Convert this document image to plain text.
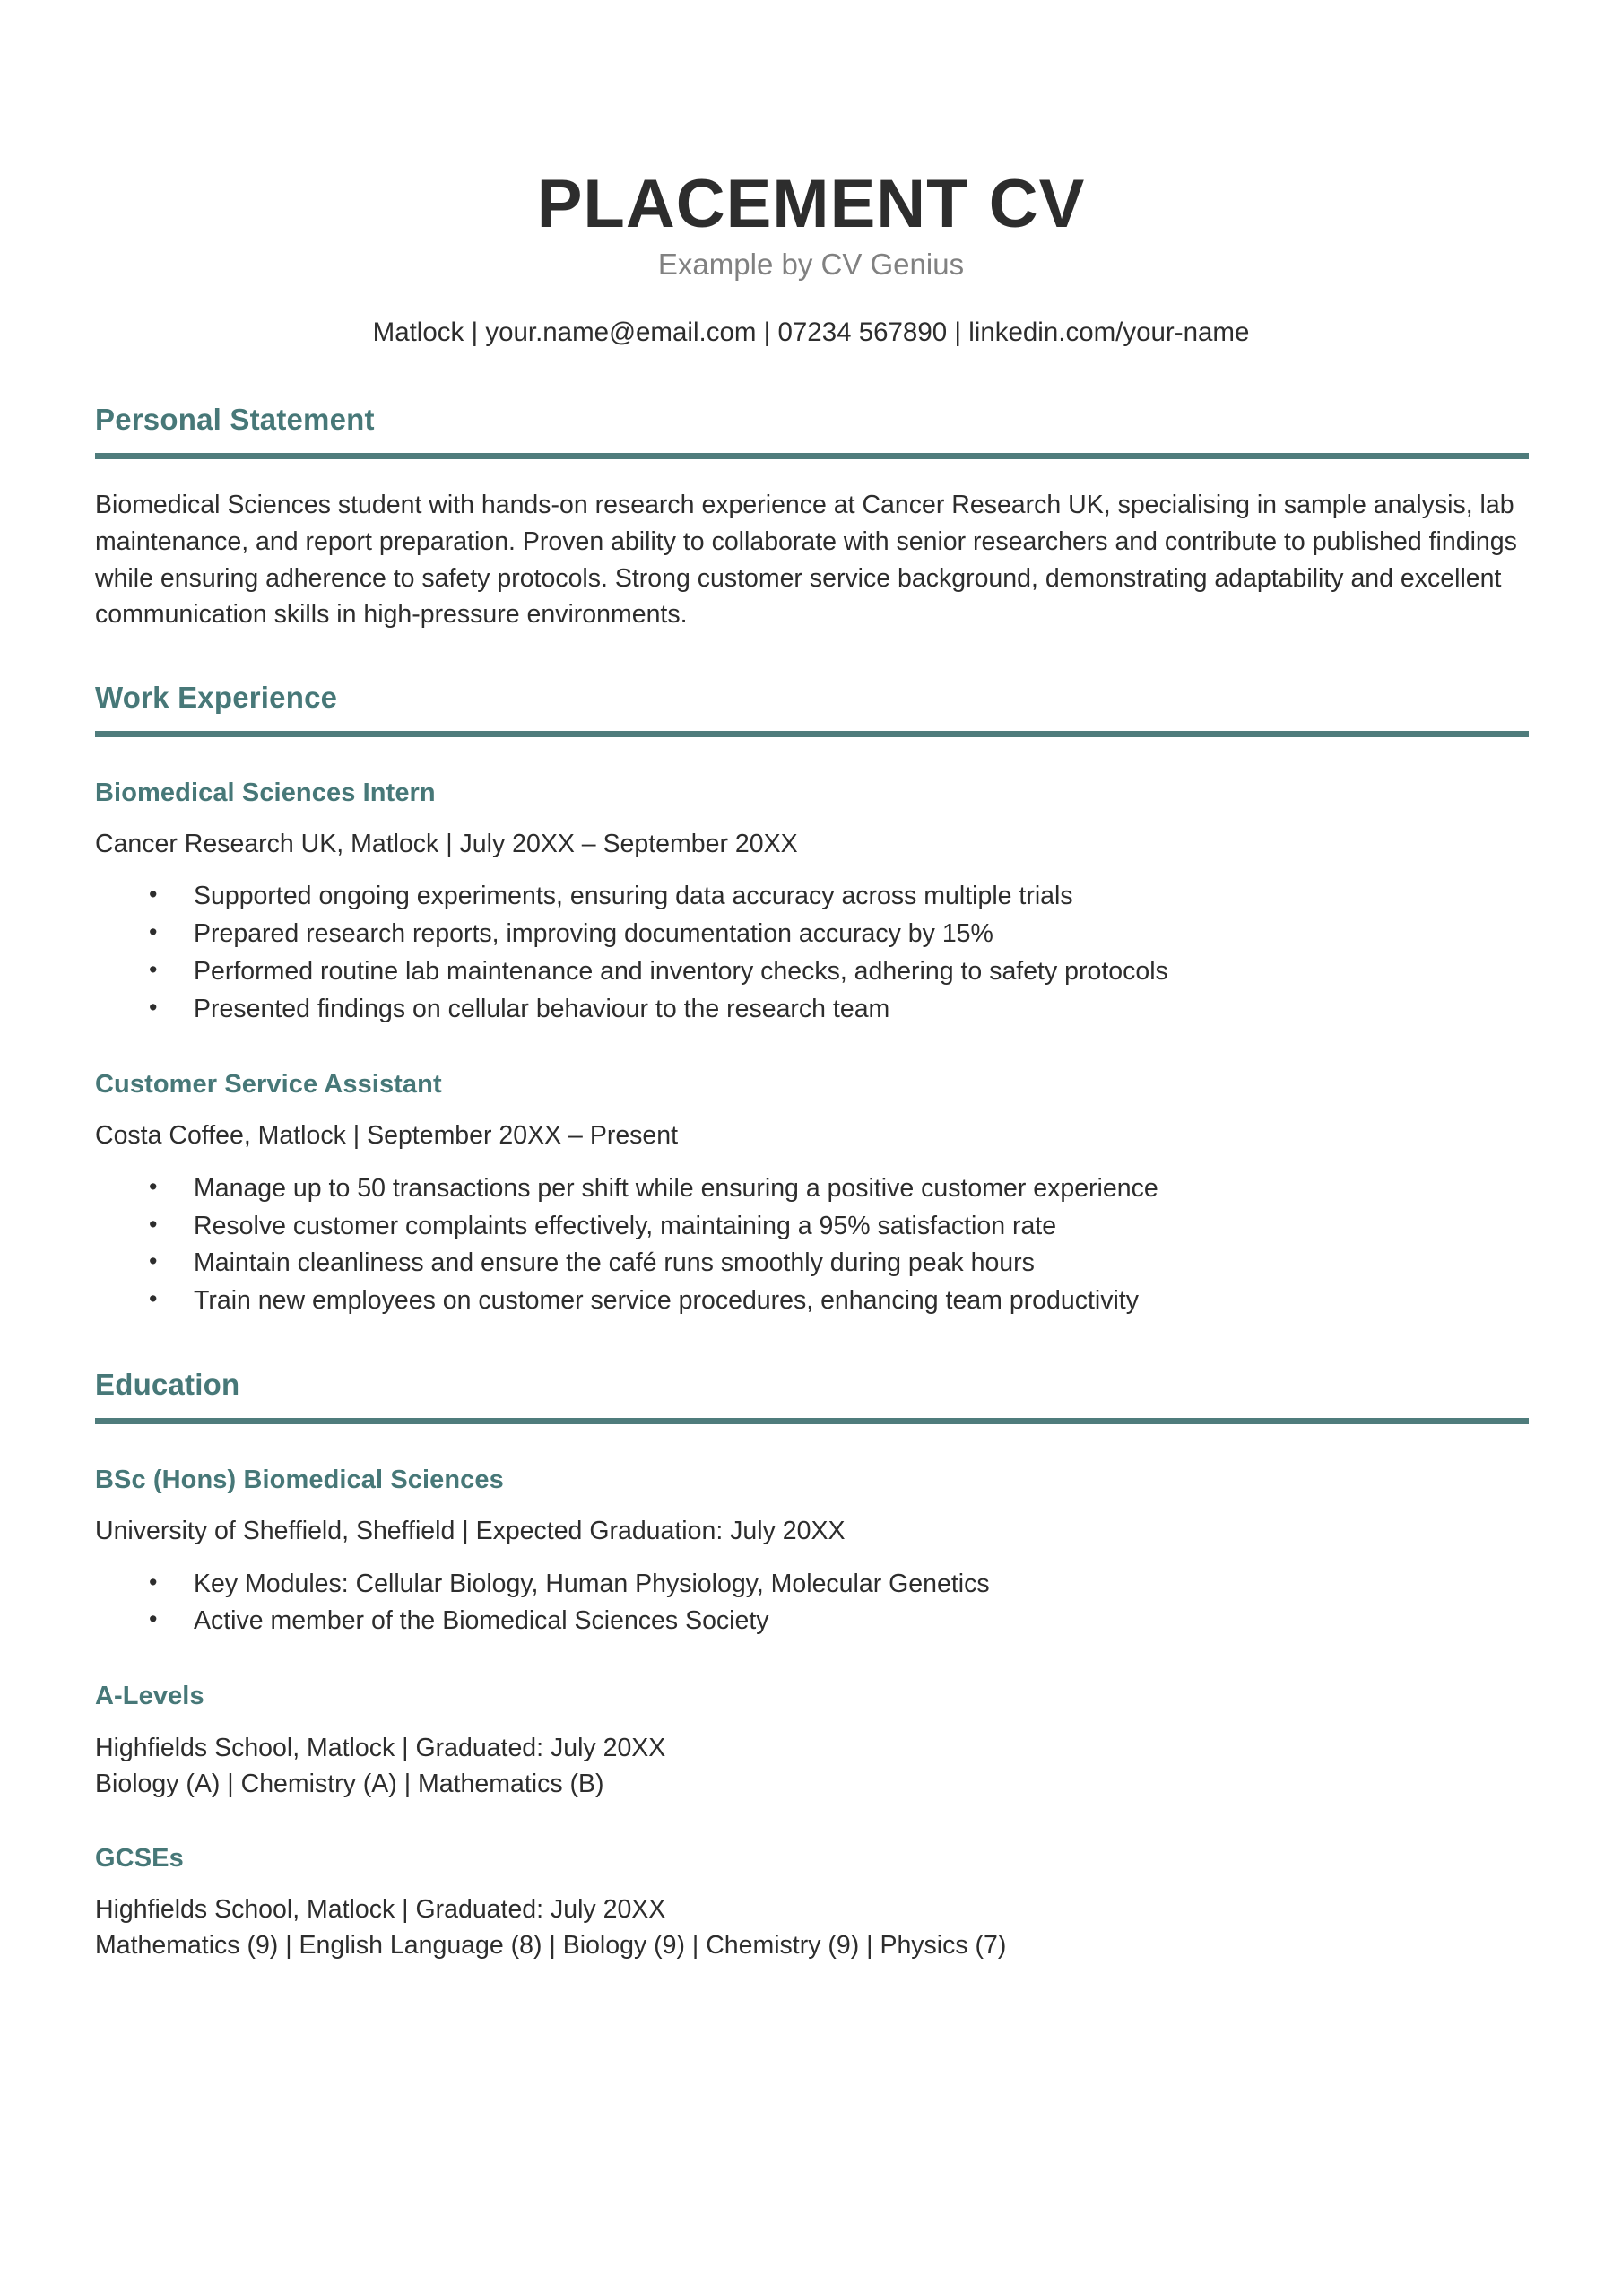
PLACEMENT CV
Example by CV Genius
Matlock | your.name@email.com | 07234 567890 | linkedin.com/your-name
Personal Statement

Biomedical Sciences student with hands-on research experience at Cancer Research UK, specialising in sample analysis, lab maintenance, and report preparation. Proven ability to collaborate with senior researchers and contribute to published findings while ensuring adherence to safety protocols. Strong customer service background, demonstrating adaptability and excellent communication skills in high-pressure environments.

Work Experience
Biomedical Sciences Intern
Cancer Research UK, Matlock | July 20XX – September 20XX
• Supported ongoing experiments, ensuring data accuracy across multiple trials
• Prepared research reports, improving documentation accuracy by 15%
• Performed routine lab maintenance and inventory checks, adhering to safety protocols
• Presented findings on cellular behaviour to the research team
Customer Service Assistant
Costa Coffee, Matlock | September 20XX – Present
• Manage up to 50 transactions per shift while ensuring a positive customer experience
• Resolve customer complaints effectively, maintaining a 95% satisfaction rate
• Maintain cleanliness and ensure the café runs smoothly during peak hours
• Train new employees on customer service procedures, enhancing team productivity
Education
BSc (Hons) Biomedical Sciences
University of Sheffield, Sheffield | Expected Graduation: July 20XX
• Key Modules: Cellular Biology, Human Physiology, Molecular Genetics
• Active member of the Biomedical Sciences Society
A-Levels
Highfields School, Matlock | Graduated: July 20XX
Biology (A) | Chemistry (A) | Mathematics (B)
GCSEs
Highfields School, Matlock | Graduated: July 20XX
Mathematics (9) | English Language (8) | Biology (9) | Chemistry (9) | Physics (7)
